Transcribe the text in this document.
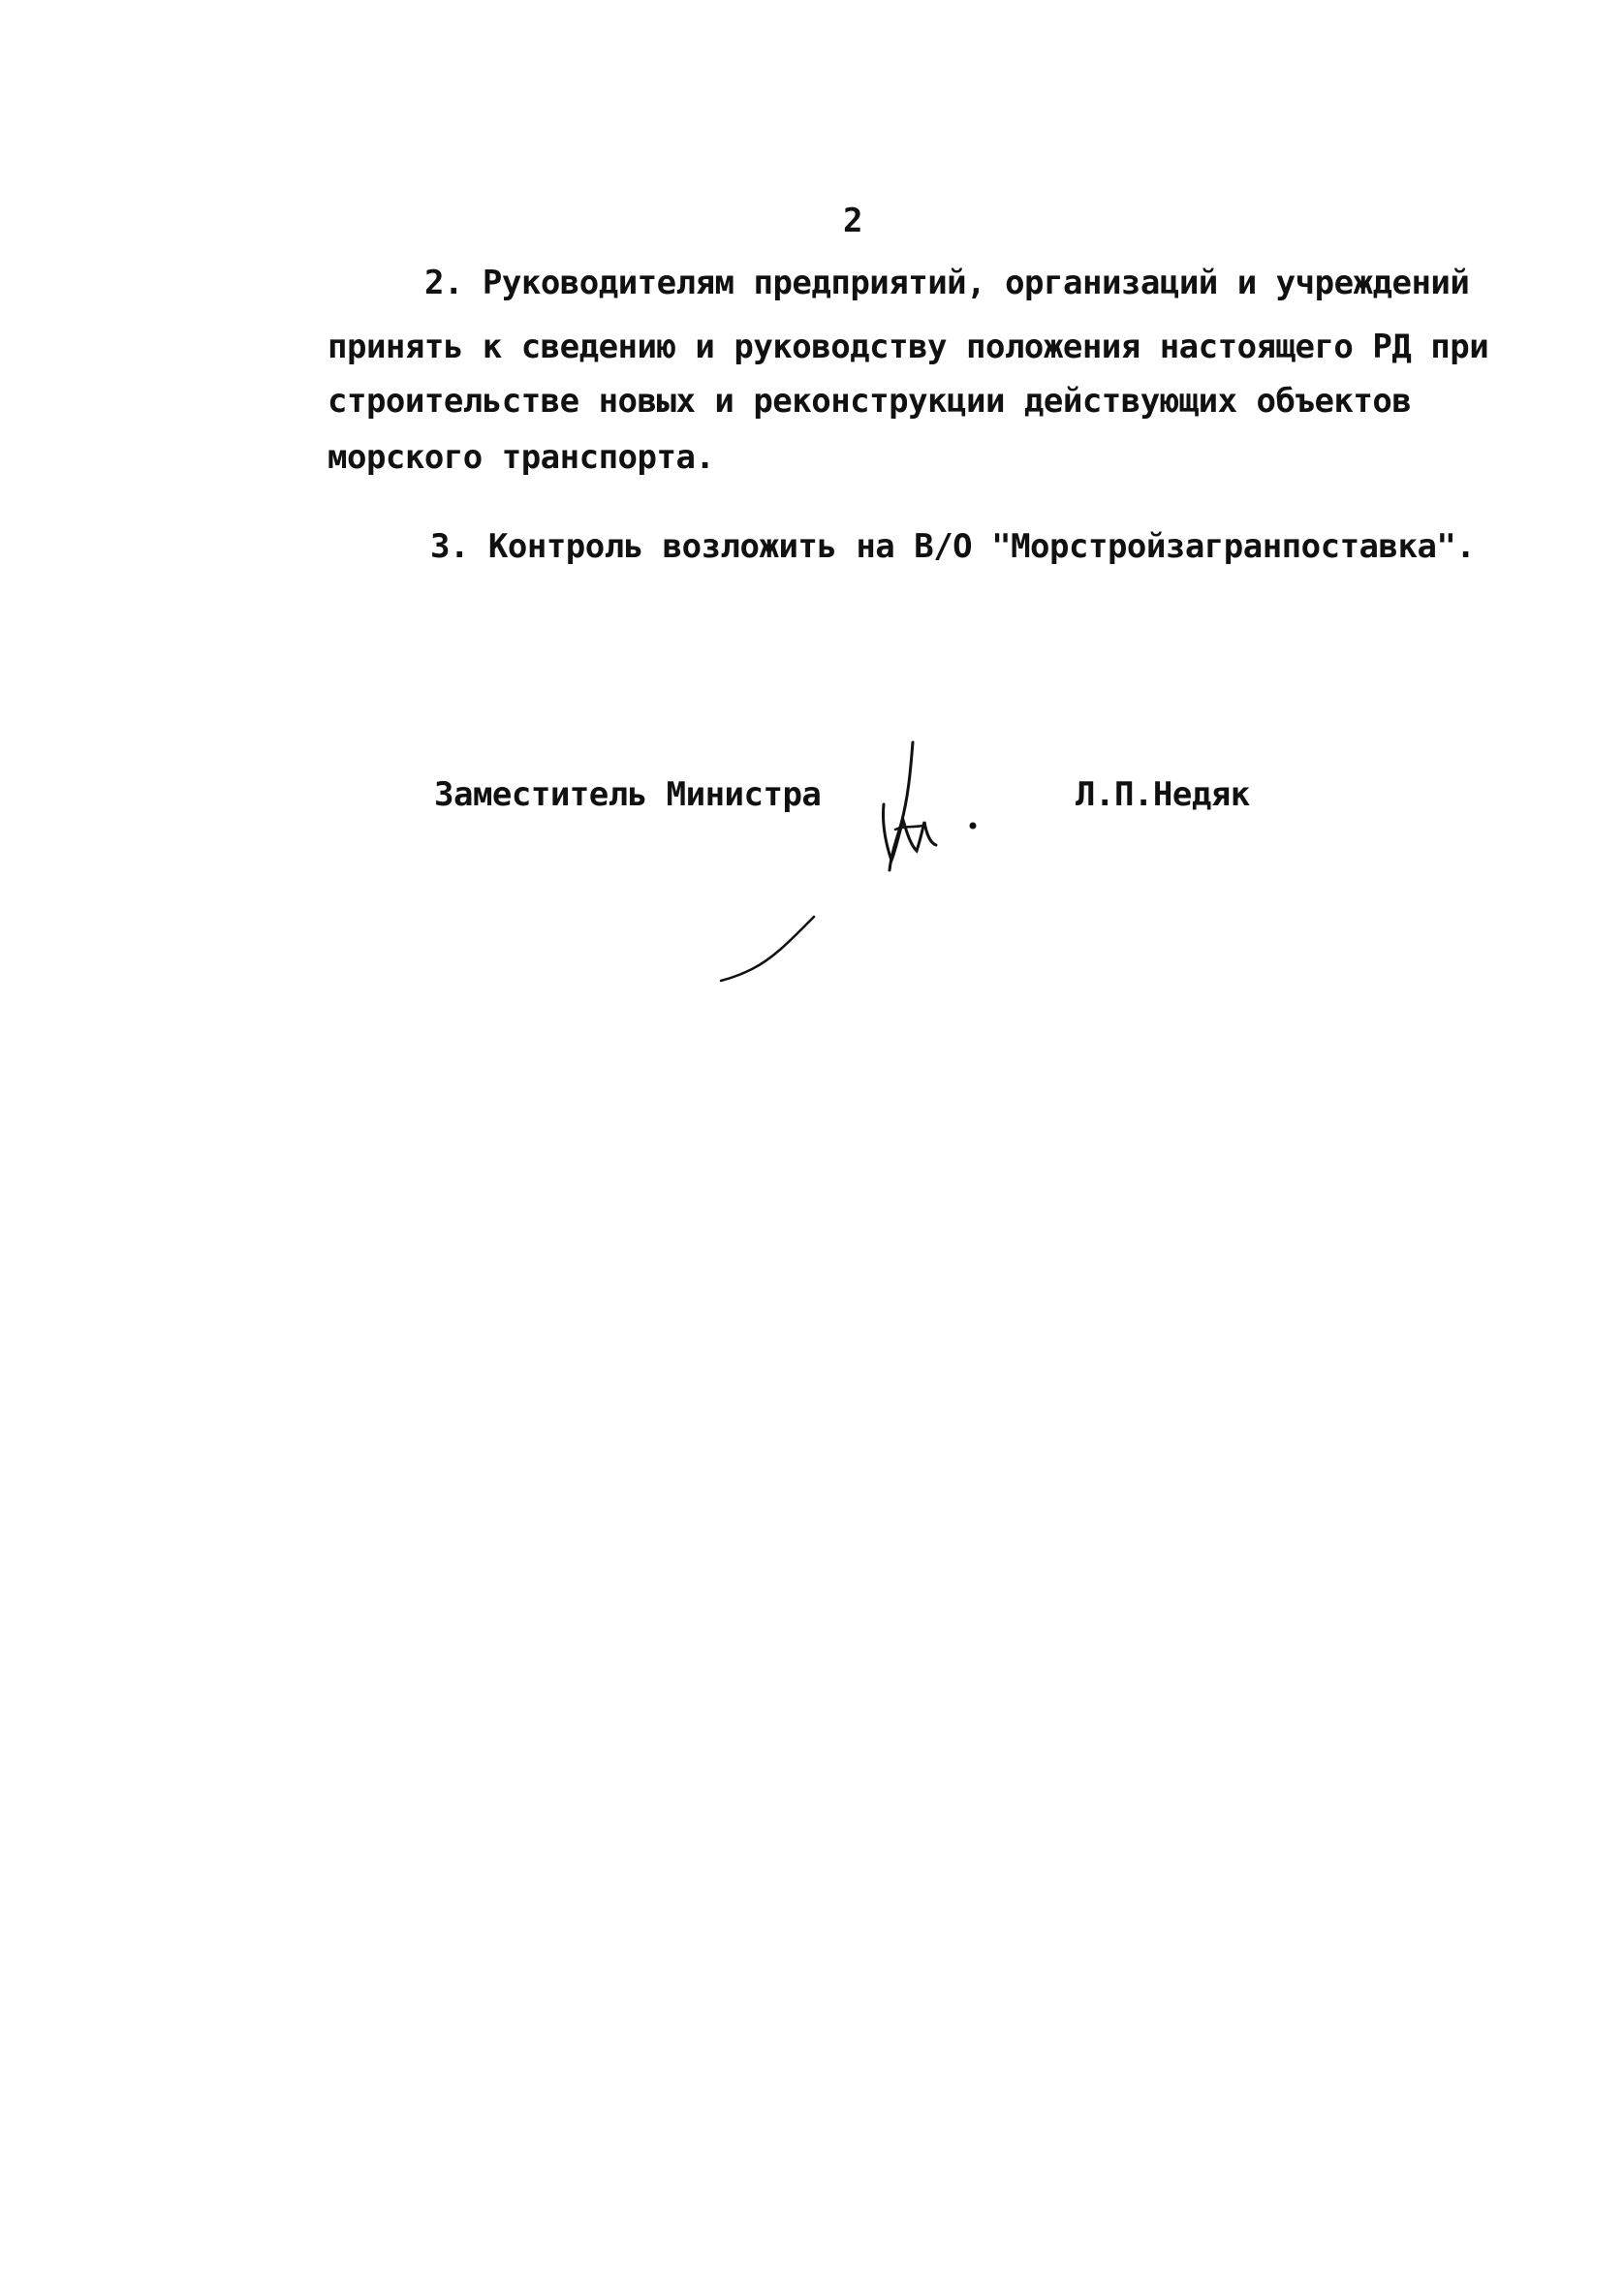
2
2. Руководителям предприятий, организаций и учреждений
принять к сведению и руководству положения настоящего РД при
строительстве новых и реконструкции действующих объектов
морского транспорта.
3. Контроль возложить на В/О "Морстройзагранпоставка".
Заместитель Министра	Л.П.Недяк
